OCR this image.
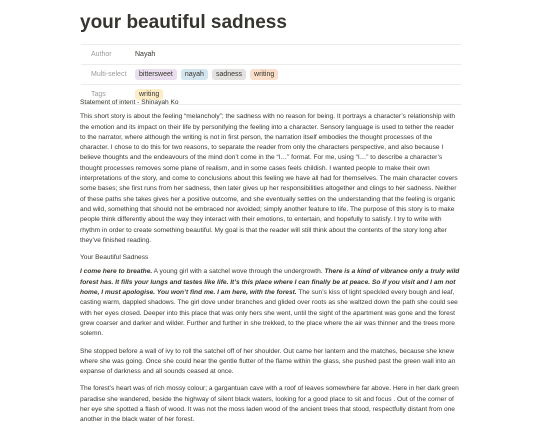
your beautiful sadness
Author	Nayah
Multi-select	bittersweet	nayah	sadness	writing
Tags	writing

Statement of intent - Shinayah Ko

This short story is about the feeling “melancholy”; the sadness with no reason for being. It portrays a character’s relationship with the emotion and its impact on their life by personifying the feeling into a character. Sensory language is used to tether the reader to the narrator, where although the writing is not in first person, the narration itself embodies the thought processes of the character. I chose to do this for two reasons, to separate the reader from only the characters perspective, and also because I believe thoughts and the endeavours of the mind don’t come in the “I…” format. For me, using “I…” to describe a character’s thought processes removes some plane of realism, and in some cases feels childish. I wanted people to make their own interpretations of the story, and come to conclusions about this feeling we have all had for themselves. The main character covers some bases; she first runs from her sadness, then later gives up her responsibilities altogether and clings to her sadness. Neither of these paths she takes gives her a positive outcome, and she eventually settles on the understanding that the feeling is organic and wild, something that should not be embraced nor avoided; simply another feature to life. The purpose of this story is to make people think differently about the way they interact with their emotions, to entertain, and hopefully to satisfy. I try to write with rhythm in order to create something beautiful. My goal is that the reader will still think about the contents of the story long after they’ve finished reading.

Your Beautiful Sadness

I come here to breathe. A young girl with a satchel wove through the undergrowth. There is a kind of vibrance only a truly wild forest has. It fills your lungs and tastes like life. It’s this place where I can finally be at peace. So if you visit and I am not home, I must apologise. You won’t find me. I am here, with the forest. The sun’s kiss of light speckled every bough and leaf, casting warm, dappled shadows. The girl dove under branches and glided over roots as she waltzed down the path she could see with her eyes closed. Deeper into this place that was only hers she went, until the sight of the apartment was gone and the forest grew coarser and darker and wilder. Further and further in she trekked, to the place where the air was thinner and the trees more solemn.

She stopped before a wall of ivy to roll the satchel off of her shoulder. Out came her lantern and the matches, because she knew where she was going. Once she could hear the gentle flutter of the flame within the glass, she pushed past the green wall into an expanse of darkness and all sounds ceased at once.

The forest’s heart was of rich mossy colour; a gargantuan cave with a roof of leaves somewhere far above. Here in her dark green paradise she wandered, beside the highway of silent black waters, looking for a good place to sit and focus . Out of the corner of her eye she spotted a flash of wood. It was not the moss laden wood of the ancient trees that stood, respectfully distant from one another in the black water of her forest.
